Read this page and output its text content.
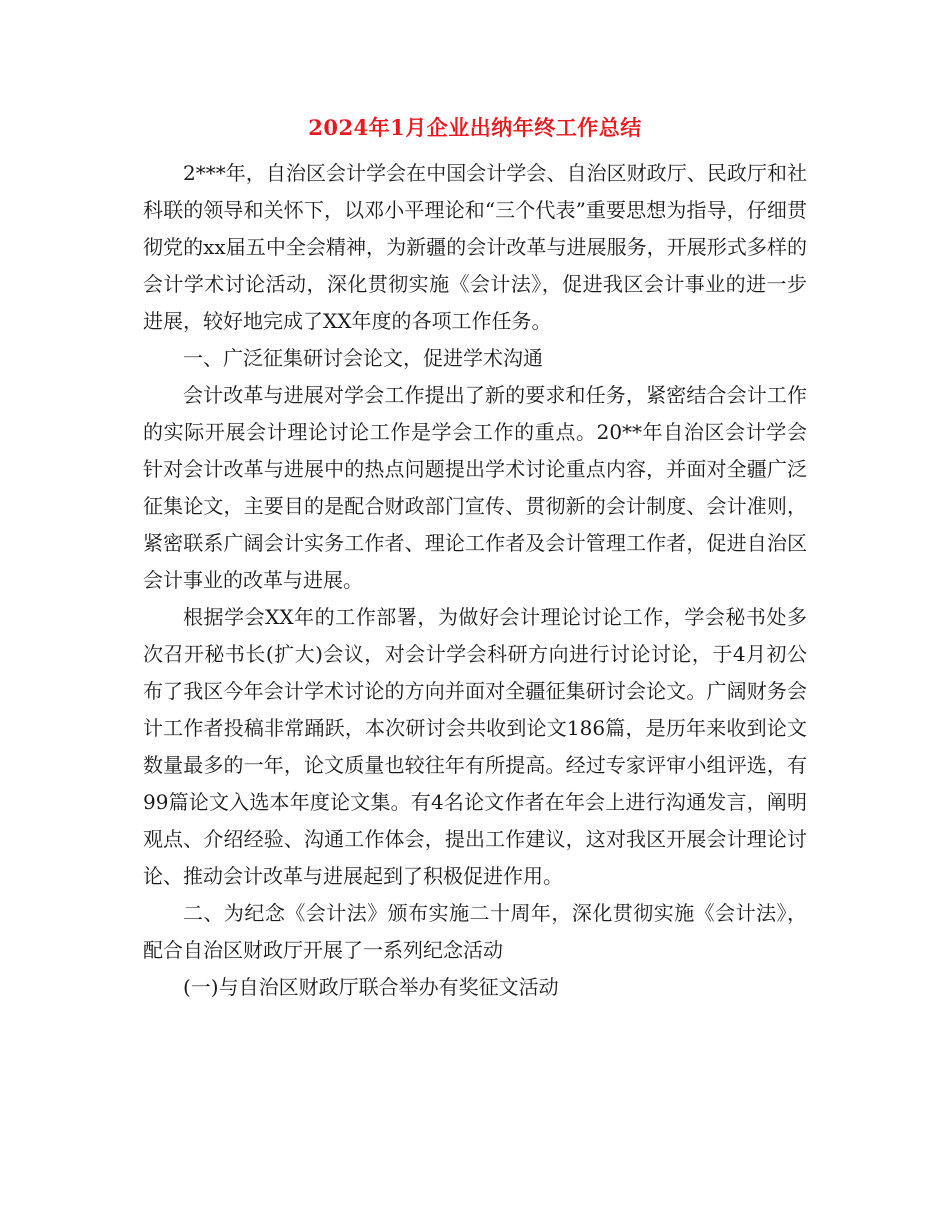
2024年1月企业出纳年终工作总结

2***年，自治区会计学会在中国会计学会、自治区财政厅、民政厅和社科联的领导和关怀下，以邓小平理论和“三个代表”重要思想为指导，仔细贯彻党的xx届五中全会精神，为新疆的会计改革与进展服务，开展形式多样的会计学术讨论活动，深化贯彻实施《会计法》，促进我区会计事业的进一步进展，较好地完成了XX年度的各项工作任务。

一、广泛征集研讨会论文，促进学术沟通

会计改革与进展对学会工作提出了新的要求和任务，紧密结合会计工作的实际开展会计理论讨论工作是学会工作的重点。20**年自治区会计学会针对会计改革与进展中的热点问题提出学术讨论重点内容，并面对全疆广泛征集论文，主要目的是配合财政部门宣传、贯彻新的会计制度、会计准则，紧密联系广阔会计实务工作者、理论工作者及会计管理工作者，促进自治区会计事业的改革与进展。

根据学会XX年的工作部署，为做好会计理论讨论工作，学会秘书处多次召开秘书长(扩大)会议，对会计学会科研方向进行讨论讨论，于4月初公布了我区今年会计学术讨论的方向并面对全疆征集研讨会论文。广阔财务会计工作者投稿非常踊跃，本次研讨会共收到论文186篇，是历年来收到论文数量最多的一年，论文质量也较往年有所提高。经过专家评审小组评选，有99篇论文入选本年度论文集。有4名论文作者在年会上进行沟通发言，阐明观点、介绍经验、沟通工作体会，提出工作建议，这对我区开展会计理论讨论、推动会计改革与进展起到了积极促进作用。

二、为纪念《会计法》颁布实施二十周年，深化贯彻实施《会计法》，配合自治区财政厅开展了一系列纪念活动

(一)与自治区财政厅联合举办有奖征文活动
